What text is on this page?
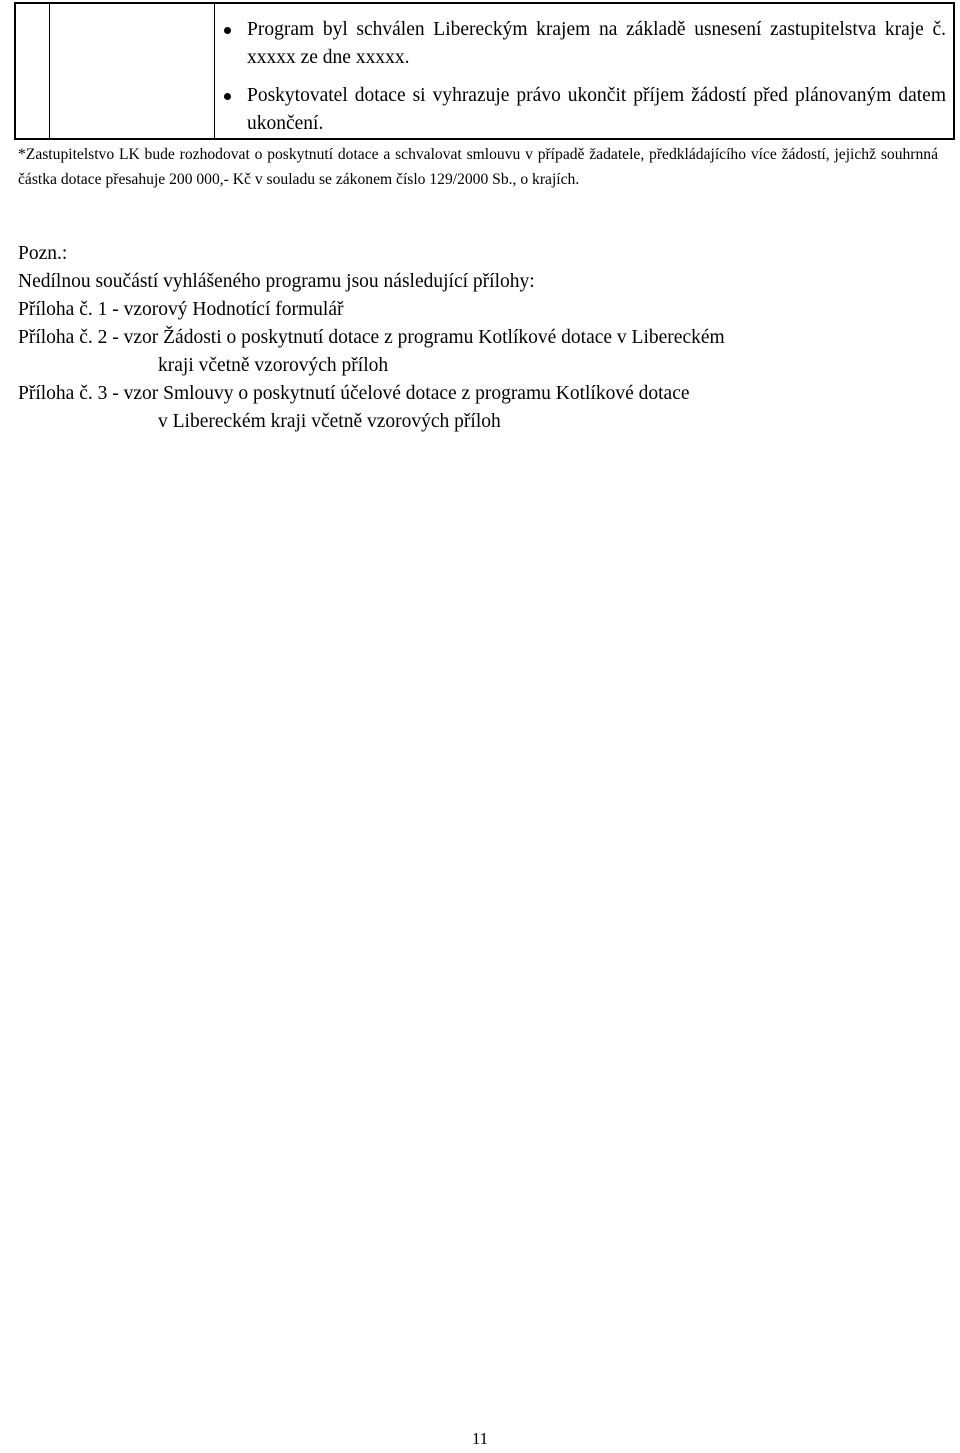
Program byl schválen Libereckým krajem na základě usnesení zastupitelstva kraje č. xxxxx ze dne xxxxx.
Poskytovatel dotace si vyhrazuje právo ukončit příjem žádostí před plánovaným datem ukončení.

*Zastupitelstvo LK bude rozhodovat o poskytnutí dotace a schvalovat smlouvu v případě žadatele, předkládajícího více žádostí, jejichž souhrnná částka dotace přesahuje 200 000,- Kč v souladu se zákonem číslo 129/2000 Sb., o krajích.

Pozn.:

Nedílnou součástí vyhlášeného programu jsou následující přílohy:

Příloha č. 1 - vzorový Hodnotící formulář

Příloha č. 2 - vzor Žádosti o poskytnutí dotace z programu Kotlíkové dotace v Libereckém

kraji včetně vzorových příloh

Příloha č. 3 - vzor Smlouvy o poskytnutí účelové dotace z programu Kotlíkové dotace

v Libereckém kraji včetně vzorových příloh

11
